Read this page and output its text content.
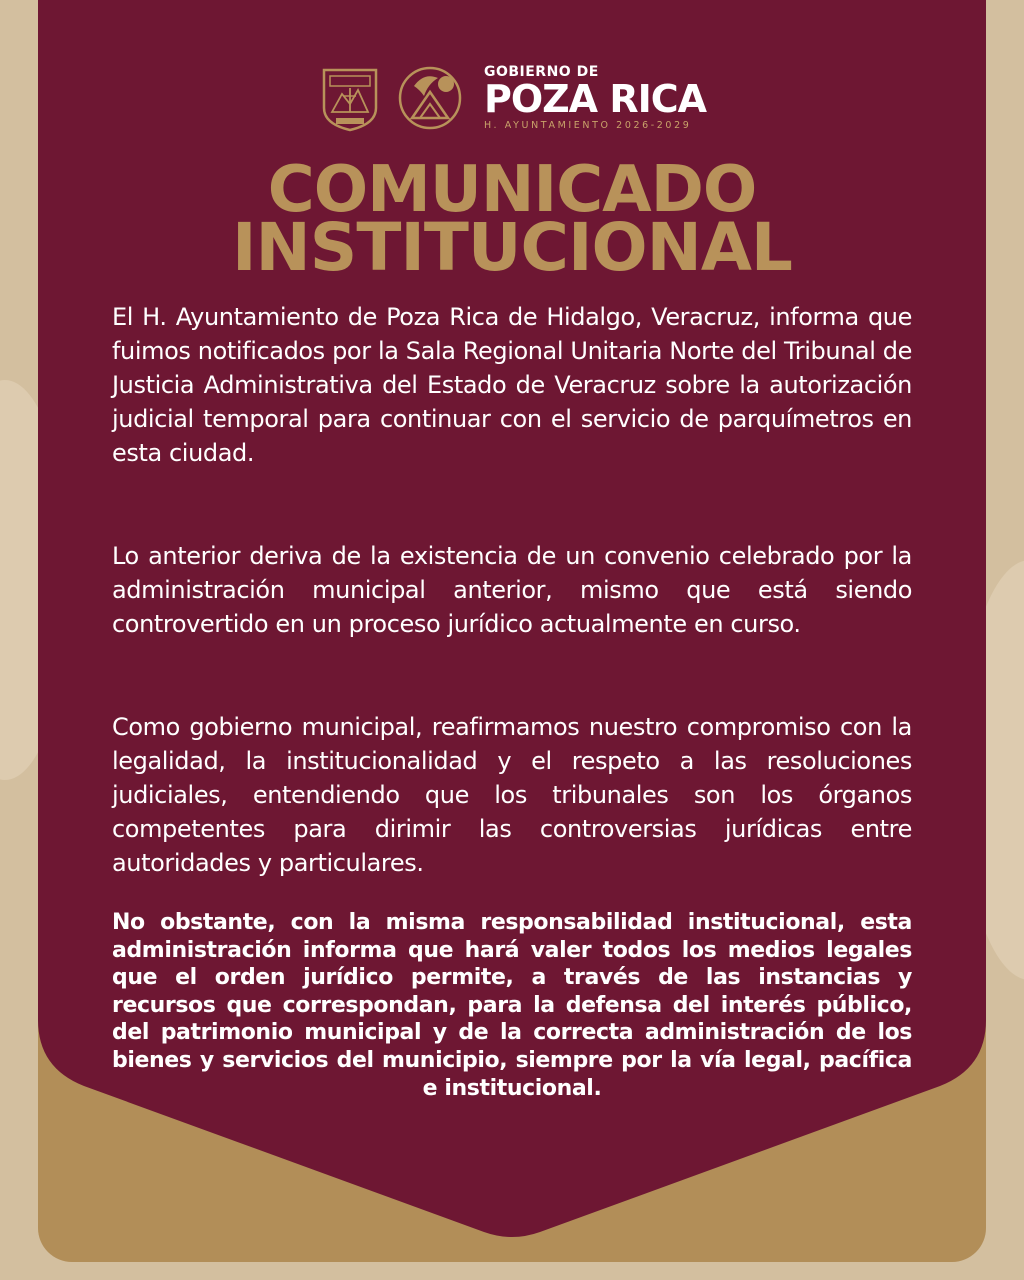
GOBIERNO DE
POZA RICA
H. AYUNTAMIENTO 2026-2029
COMUNICADO
INSTITUCIONAL

El H. Ayuntamiento de Poza Rica de Hidalgo, Veracruz, informa que fuimos notificados por la Sala Regional Unitaria Norte del Tribunal de Justicia Administrativa del Estado de Veracruz sobre la autorización judicial temporal para continuar con el servicio de parquímetros en esta ciudad.

Lo anterior deriva de la existencia de un convenio celebrado por la administración municipal anterior, mismo que está siendo controvertido en un proceso jurídico actualmente en curso.

Como gobierno municipal, reafirmamos nuestro compromiso con la legalidad, la institucionalidad y el respeto a las resoluciones judiciales, entendiendo que los tribunales son los órganos competentes para dirimir las controversias jurídicas entre autoridades y particulares.

No obstante, con la misma responsabilidad institucional, esta administración informa que hará valer todos los medios legales que el orden jurídico permite, a través de las instancias y recursos que correspondan, para la defensa del interés público, del patrimonio municipal y de la correcta administración de los bienes y servicios del municipio, siempre por la vía legal, pacífica e institucional.
